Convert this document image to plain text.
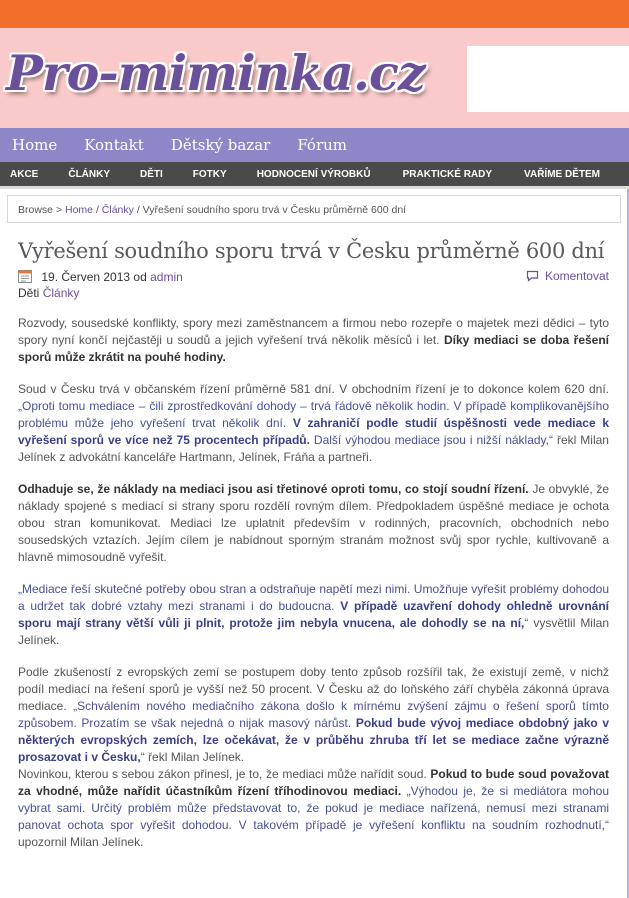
Pro-miminka.cz
Home Kontakt Dětský bazar Fórum
AKCE	ČLÁNKY	DĚTI	FOTKY	HODNOCENÍ VÝROBKŮ	PRAKTICKÉ RADY	VAŘÍME DĚTEM
Browse > Home / Články / Vyřešení soudního sporu trvá v Česku průměrně 600 dní
Vyřešení soudního sporu trvá v Česku průměrně 600 dní
19. Červen 2013 od admin	Komentovat
Děti Články

Rozvody, sousedské konflikty, spory mezi zaměstnancem a firmou nebo rozepře o majetek mezi dědici – tyto spory nyní končí nejčastěji u soudů a jejich vyřešení trvá několik měsíců i let. Díky mediaci se doba řešení sporů může zkrátit na pouhé hodiny.

Soud v Česku trvá v občanském řízení průměrně 581 dní. V obchodním řízení je to dokonce kolem 620 dní. „Oproti tomu mediace – čili zprostředkování dohody – trvá řádově několik hodin. V případě komplikovanějšího problému může jeho vyřešení trvat několik dní. V zahraničí podle studií úspěšnosti vede mediace k vyřešení sporů ve více než 75 procentech případů. Další výhodou mediace jsou i nižší náklady,“ řekl Milan Jelínek z advokátní kanceláře Hartmann, Jelínek, Fráňa a partneři.

Odhaduje se, že náklady na mediaci jsou asi třetinové oproti tomu, co stojí soudní řízení. Je obvyklé, že náklady spojené s mediací si strany sporu rozdělí rovným dílem. Předpokladem úspěšné mediace je ochota obou stran komunikovat. Mediaci lze uplatnit především v rodinných, pracovních, obchodních nebo sousedských vztazích. Jejím cílem je nabídnout sporným stranám možnost svůj spor rychle, kultivovaně a hlavně mimosoudně vyřešit.

„Mediace řeší skutečné potřeby obou stran a odstraňuje napětí mezi nimi. Umožňuje vyřešit problémy dohodou a udržet tak dobré vztahy mezi stranami i do budoucna. V případě uzavření dohody ohledně urovnání sporu mají strany větší vůli ji plnit, protože jim nebyla vnucena, ale dohodly se na ní,“ vysvětlil Milan Jelínek.

Podle zkušeností z evropských zemí se postupem doby tento způsob rozšířil tak, že existují země, v nichž podíl mediací na řešení sporů je vyšší než 50 procent. V Česku až do loňského září chyběla zákonná úprava mediace. „Schválením nového mediačního zákona došlo k mírnému zvýšení zájmu o řešení sporů tímto způsobem. Prozatím se však nejedná o nijak masový nárůst. Pokud bude vývoj mediace obdobný jako v některých evropských zemích, lze očekávat, že v průběhu zhruba tří let se mediace začne výrazně prosazovat i v Česku,“ řekl Milan Jelínek.

Novinkou, kterou s sebou zákon přinesl, je to, že mediaci může nařídit soud. Pokud to bude soud považovat za vhodné, může nařídit účastníkům řízení tříhodinovou mediaci. „Výhodou je, že si mediátora mohou vybrat sami. Určitý problém může představovat to, že pokud je mediace nařízená, nemusí mezi stranami panovat ochota spor vyřešit dohodou. V takovém případě je vyřešení konfliktu na soudním rozhodnutí,“ upozornil Milan Jelínek.
